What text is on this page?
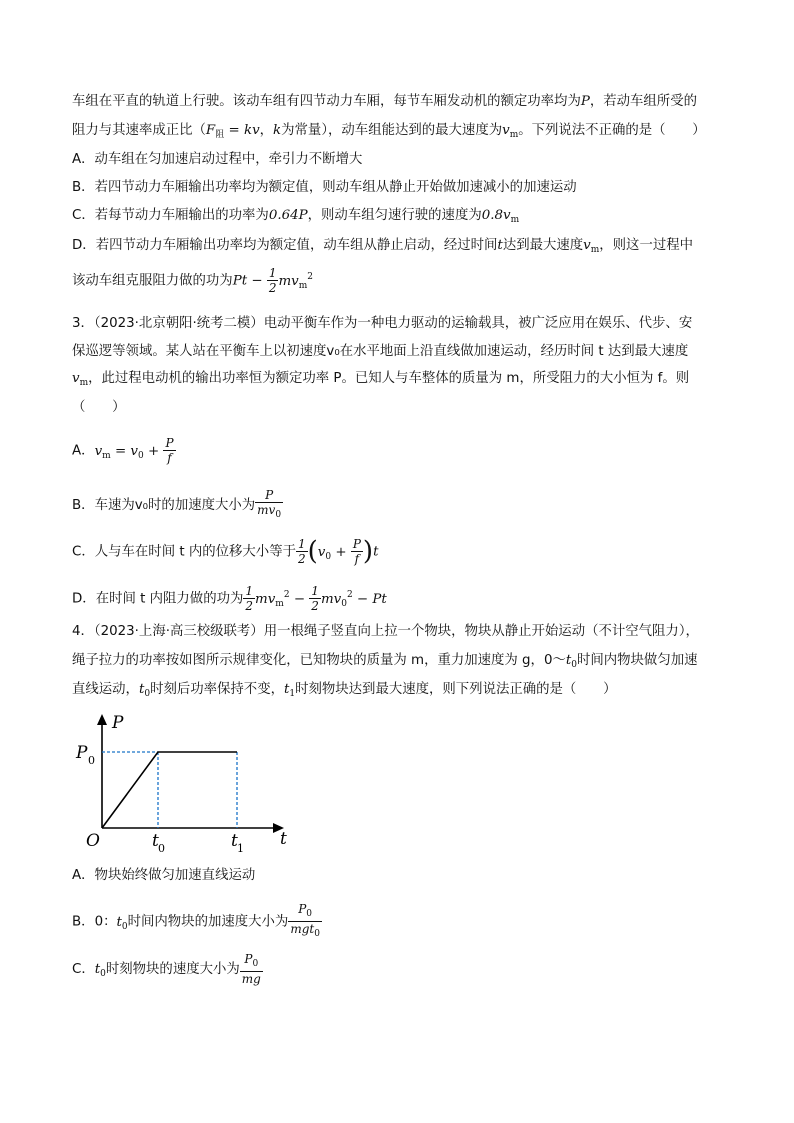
车组在平直的轨道上行驶。该动车组有四节动力车厢，每节车厢发动机的额定功率均为P，若动车组所受的
阻力与其速率成正比（$F_阻$ = kv，k为常量），动车组能达到的最大速度为$v_m$。下列说法不正确的是（　　）
A．动车组在匀加速启动过程中，牵引力不断增大
B．若四节动力车厢输出功率均为额定值，则动车组从静止开始做加速减小的加速运动
C．若每节动力车厢输出的功率为0.64P，则动车组匀速行驶的速度为$0.8v_m$
D．若四节动力车厢输出功率均为额定值，动车组从静止启动，经过时间t达到最大速度$v_m$，则这一过程中
该动车组克服阻力做的功为$Pt - \frac{1}{2} mv_m^2$
3．（2023·北京朝阳·统考二模）电动平衡车作为一种电力驱动的运输载具，被广泛应用在娱乐、代步、安
保巡逻等领域。某人站在平衡车上以初速度v₀在水平地面上沿直线做加速运动，经历时间 t 达到最大速度
$v_m$，此过程电动机的输出功率恒为额定功率 P。已知人与车整体的质量为 m，所受阻力的大小恒为 f。则
（　　）
A．$v_m = v_0 + \frac{P}{f}$
B．车速为v₀时的加速度大小为 $\frac{P}{mv_0}$
C．人与车在时间 t 内的位移大小等于 $\frac{1}{2} (v_0 + \frac{P}{f} )t$
D．在时间 t 内阻力做的功为 $\frac{1}{2} mv_m^2 - \frac{1}{2} mv_0^2 - Pt$
4．（2023·上海·高三校级联考）用一根绳子竖直向上拉一个物块，物块从静止开始运动（不计空气阻力），
绳子拉力的功率按如图所示规律变化，已知物块的质量为 m，重力加速度为 g，$0\sim t_0$时间内物块做匀加速
直线运动，$t_0$时刻后功率保持不变，$t_1$时刻物块达到最大速度，则下列说法正确的是（　　）
P
t
O
P 0
t 0	t 1
A．物块始终做匀加速直线运动
B．0：$t_0$时间内物块的加速度大小为
$P_0$
mgt$_0$
C．$t_0$时刻物块的速度大小为 $\frac{P_0}{mg}$
